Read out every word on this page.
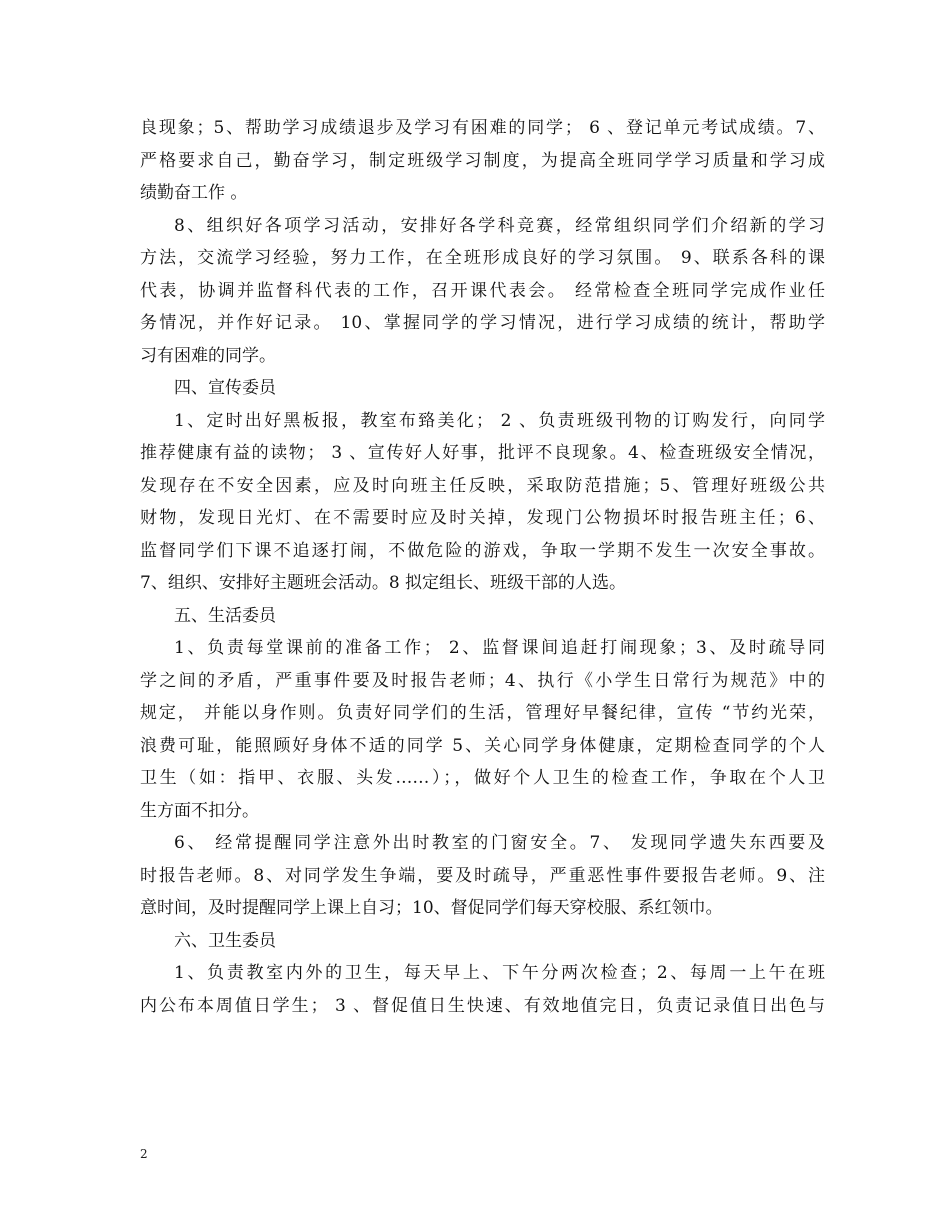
良现象；5、帮助学习成绩退步及学习有困难的同学； 6 、登记单元考试成绩。7、
严格要求自己，勤奋学习，制定班级学习制度，为提高全班同学学习质量和学习成
绩勤奋工作 。
8、组织好各项学习活动，安排好各学科竞赛，经常组织同学们介绍新的学习
方法，交流学习经验，努力工作，在全班形成良好的学习氛围。 9、联系各科的课
代表，协调并监督科代表的工作，召开课代表会。 经常检查全班同学完成作业任
务情况，并作好记录。 10、掌握同学的学习情况，进行学习成绩的统计，帮助学
习有困难的同学。
四、宣传委员
1、定时出好黑板报，教室布臵美化； 2 、负责班级刊物的订购发行，向同学
推荐健康有益的读物； 3 、宣传好人好事，批评不良现象。4、检查班级安全情况，
发现存在不安全因素，应及时向班主任反映，采取防范措施；5、管理好班级公共
财物，发现日光灯、在不需要时应及时关掉，发现门公物损坏时报告班主任；6、
监督同学们下课不追逐打闹，不做危险的游戏，争取一学期不发生一次安全事故。
7、组织、安排好主题班会活动。8 拟定组长、班级干部的人选。
五、生活委员
1、负责每堂课前的准备工作； 2、监督课间追赶打闹现象；3、及时疏导同
学之间的矛盾，严重事件要及时报告老师；4、执行《小学生日常行为规范》中的
规定， 并能以身作则。负责好同学们的生活，管理好早餐纪律，宣传 “节约光荣，
浪费可耻，能照顾好身体不适的同学 5、关心同学身体健康，定期检查同学的个人
卫生（如：指甲、衣服、头发……）；，做好个人卫生的检查工作，争取在个人卫
生方面不扣分。
6、 经常提醒同学注意外出时教室的门窗安全。7、 发现同学遗失东西要及
时报告老师。8、对同学发生争端，要及时疏导，严重恶性事件要报告老师。9、注
意时间，及时提醒同学上课上自习；10、督促同学们每天穿校服、系红领巾。
六、卫生委员
1、负责教室内外的卫生，每天早上、下午分两次检查；2、每周一上午在班
内公布本周值日学生； 3 、督促值日生快速、有效地值完日，负责记录值日出色与
2
